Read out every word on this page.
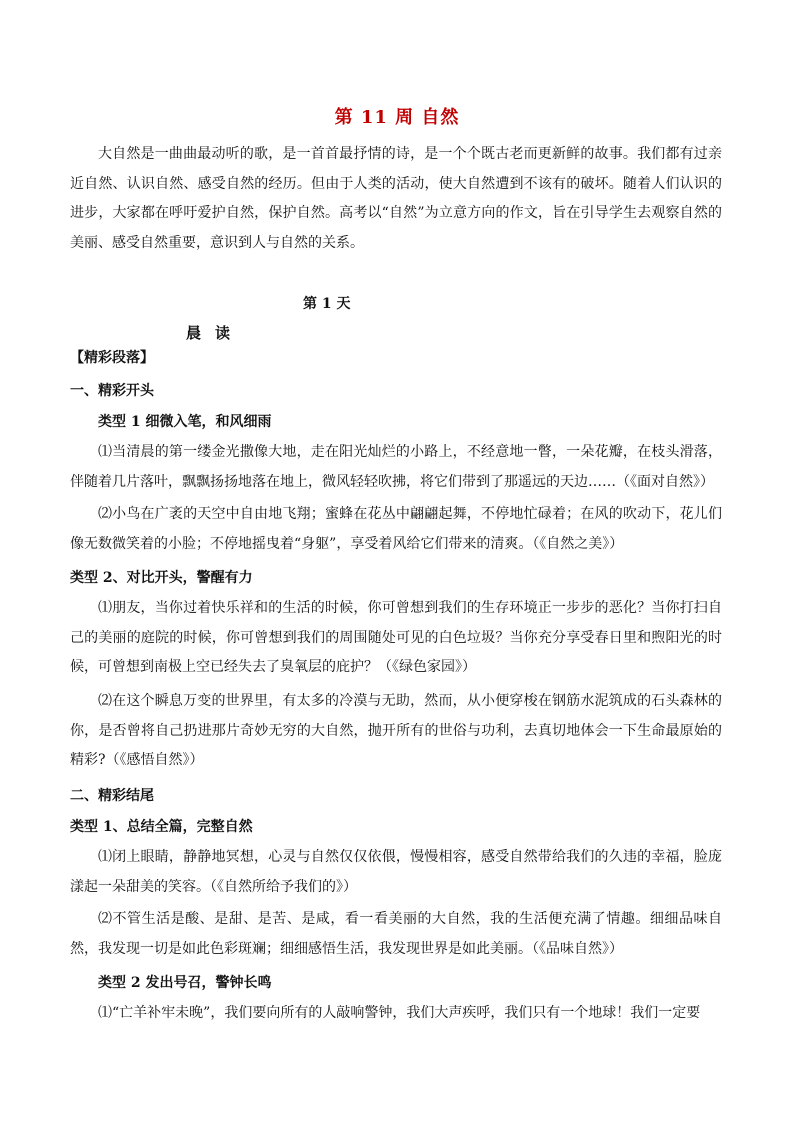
第 11 周 自然

大自然是一曲曲最动听的歌，是一首首最抒情的诗，是一个个既古老而更新鲜的故事。我们都有过亲近自然、认识自然、感受自然的经历。但由于人类的活动，使大自然遭到不该有的破坏。随着人们认识的进步，大家都在呼吁爱护自然，保护自然。高考以“自然”为立意方向的作文，旨在引导学生去观察自然的美丽、感受自然重要，意识到人与自然的关系。

第 1 天
晨读
【精彩段落】
一、精彩开头
类型 1 细微入笔，和风细雨

⑴当清晨的第一缕金光撒像大地，走在阳光灿烂的小路上，不经意地一瞥，一朵花瓣，在枝头滑落，伴随着几片落叶，飘飘扬扬地落在地上，微风轻轻吹拂，将它们带到了那遥远的天边……（《面对自然》）

⑵小鸟在广袤的天空中自由地飞翔；蜜蜂在花丛中翩翩起舞，不停地忙碌着；在风的吹动下，花儿们像无数微笑着的小脸；不停地摇曳着“身躯”，享受着风给它们带来的清爽。（《自然之美》）

类型 2、对比开头，警醒有力

⑴朋友，当你过着快乐祥和的生活的时候，你可曾想到我们的生存环境正一步步的恶化？当你打扫自己的美丽的庭院的时候，你可曾想到我们的周围随处可见的白色垃圾？当你充分享受春日里和煦阳光的时候，可曾想到南极上空已经失去了臭氧层的庇护？（《绿色家园》）

⑵在这个瞬息万变的世界里，有太多的冷漠与无助，然而，从小便穿梭在钢筋水泥筑成的石头森林的你，是否曾将自己扔进那片奇妙无穷的大自然，抛开所有的世俗与功利，去真切地体会一下生命最原始的精彩?（《感悟自然》）

二、精彩结尾
类型 1、总结全篇，完整自然

⑴闭上眼睛，静静地冥想，心灵与自然仅仅依偎，慢慢相容，感受自然带给我们的久违的幸福，脸庞漾起一朵甜美的笑容。（《自然所给予我们的》）

⑵不管生活是酸、是甜、是苦、是咸，看一看美丽的大自然，我的生活便充满了情趣。细细品味自然，我发现一切是如此色彩斑斓；细细感悟生活，我发现世界是如此美丽。（《品味自然》）

类型 2 发出号召，警钟长鸣

⑴“亡羊补牢未晚”，我们要向所有的人敲响警钟，我们大声疾呼，我们只有一个地球！我们一定要
